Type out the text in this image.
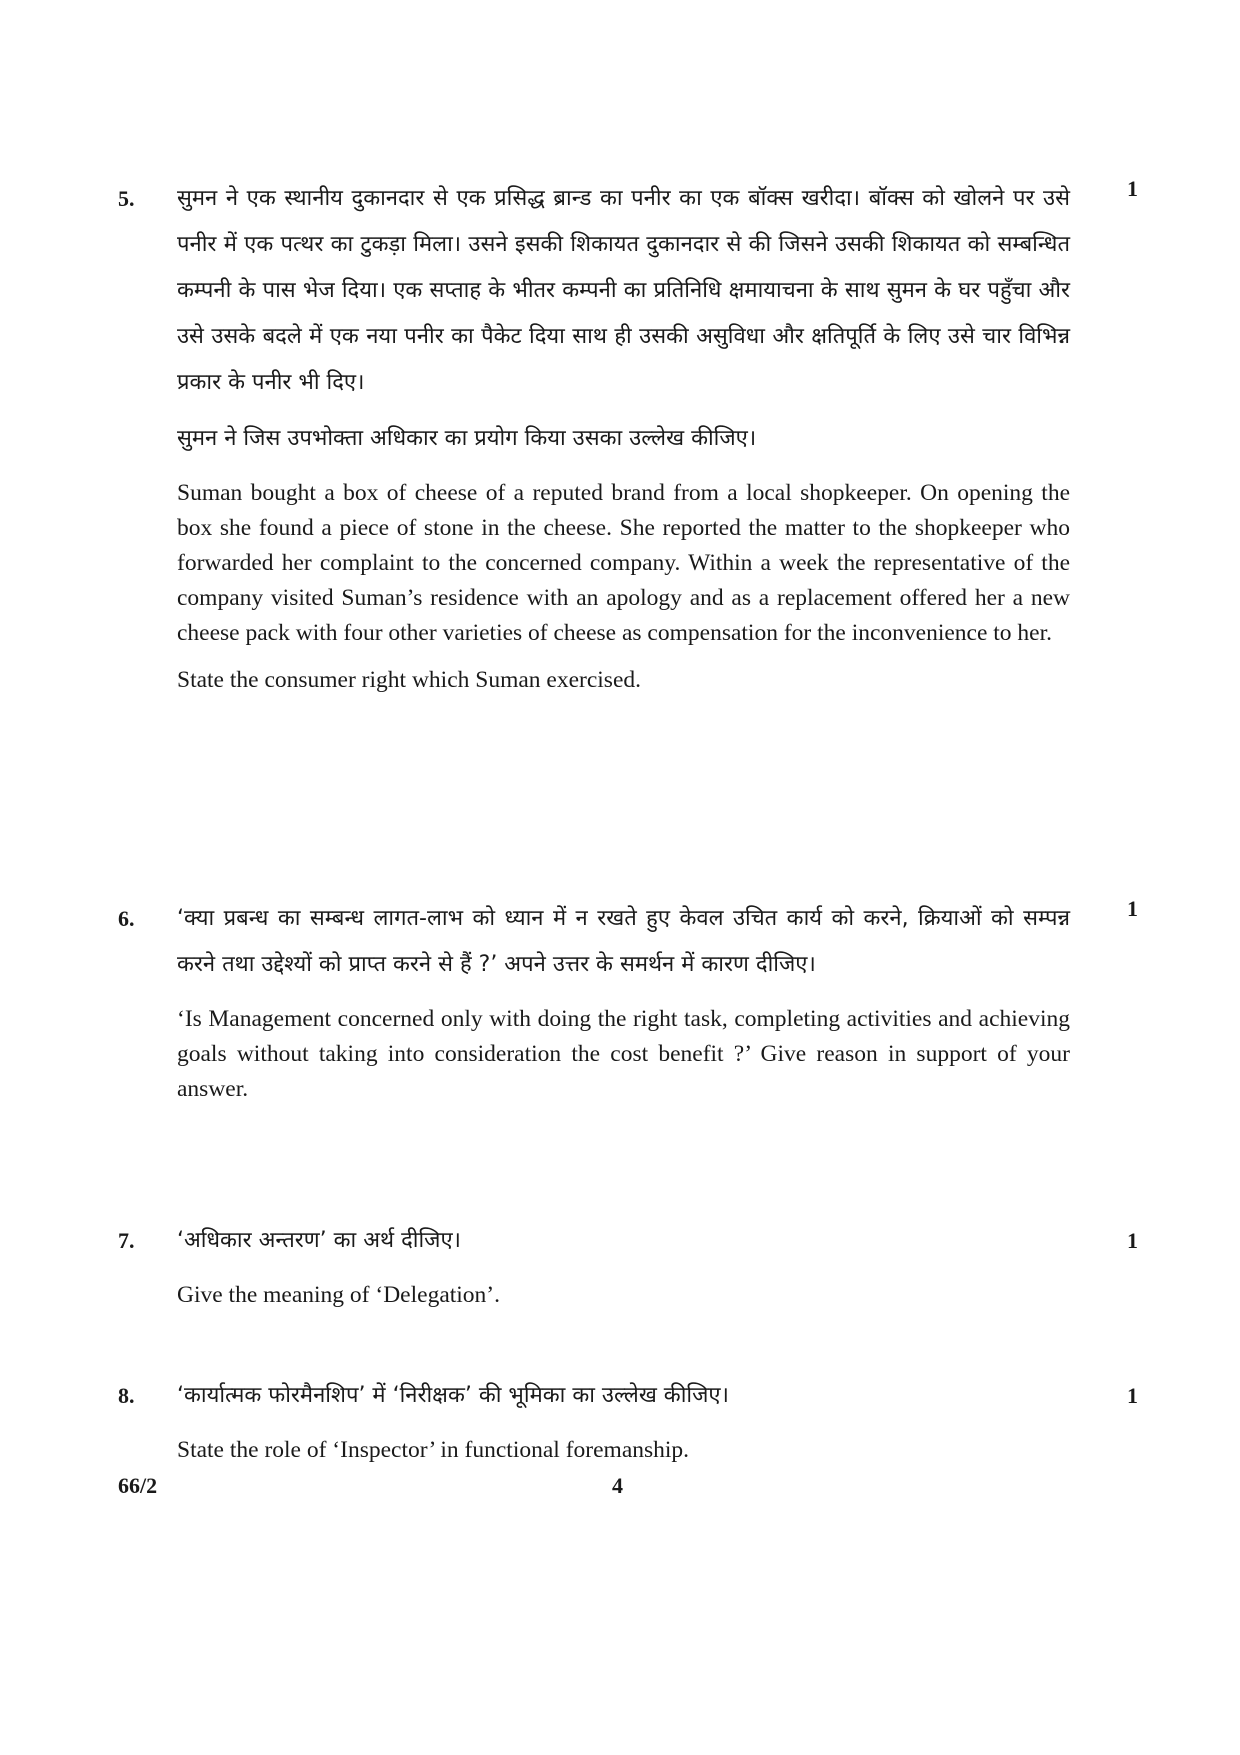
5.	1

सुमन ने एक स्थानीय दुकानदार से एक प्रसिद्ध ब्रान्ड का पनीर का एक बॉक्स खरीदा। बॉक्स को खोलने पर उसे पनीर में एक पत्थर का टुकड़ा मिला। उसने इसकी शिकायत दुकानदार से की जिसने उसकी शिकायत को सम्बन्धित कम्पनी के पास भेज दिया। एक सप्ताह के भीतर कम्पनी का प्रतिनिधि क्षमायाचना के साथ सुमन के घर पहुँचा और उसे उसके बदले में एक नया पनीर का पैकेट दिया साथ ही उसकी असुविधा और क्षतिपूर्ति के लिए उसे चार विभिन्न प्रकार के पनीर भी दिए।

सुमन ने जिस उपभोक्ता अधिकार का प्रयोग किया उसका उल्लेख कीजिए।

Suman bought a box of cheese of a reputed brand from a local shopkeeper. On opening the box she found a piece of stone in the cheese. She reported the matter to the shopkeeper who forwarded her complaint to the concerned company. Within a week the representative of the company visited Suman’s residence with an apology and as a replacement offered her a new cheese pack with four other varieties of cheese as compensation for the inconvenience to her.

State the consumer right which Suman exercised.

6.	1

‘क्या प्रबन्ध का सम्बन्ध लागत-लाभ को ध्यान में न रखते हुए केवल उचित कार्य को करने, क्रियाओं को सम्पन्न करने तथा उद्देश्यों को प्राप्त करने से हैं ?’ अपने उत्तर के समर्थन में कारण दीजिए।

‘Is Management concerned only with doing the right task, completing activities and achieving goals without taking into consideration the cost benefit ?’ Give reason in support of your answer.

7.	1

‘अधिकार अन्तरण’ का अर्थ दीजिए।

Give the meaning of ‘Delegation’.

8.	1

‘कार्यात्मक फोरमैनशिप’ में ‘निरीक्षक’ की भूमिका का उल्लेख कीजिए।

State the role of ‘Inspector’ in functional foremanship.

66/2	4
